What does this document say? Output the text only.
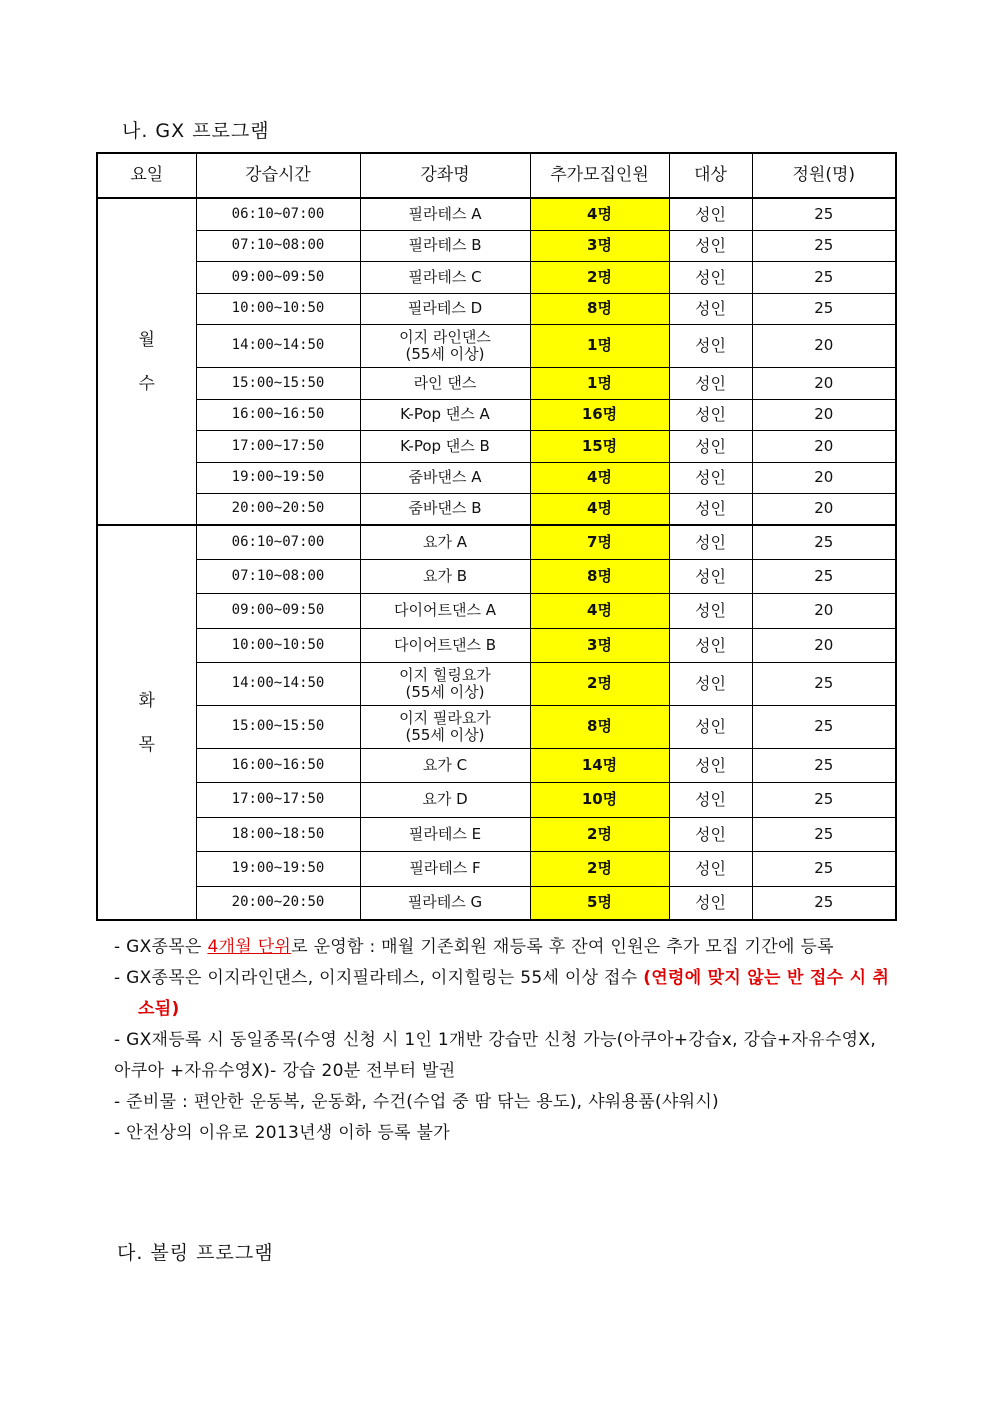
나. GX 프로그램
요일	강습시간	강좌명	추가모집인원	대상	정원(명)

월
수	06:10~07:00	필라테스 A	4명	성인	25
	07:10~08:00	필라테스 B	3명	성인	25
	09:00~09:50	필라테스 C	2명	성인	25
	10:00~10:50	필라테스 D	8명	성인	25
	14:00~14:50	이지 라인댄스
(55세 이상)	1명	성인	20
	15:00~15:50	라인 댄스	1명	성인	20
	16:00~16:50	K-Pop 댄스 A	16명	성인	20
	17:00~17:50	K-Pop 댄스 B	15명	성인	20
	19:00~19:50	줌바댄스 A	4명	성인	20
	20:00~20:50	줌바댄스 B	4명	성인	20

화
목	06:10~07:00	요가 A	7명	성인	25
	07:10~08:00	요가 B	8명	성인	25
	09:00~09:50	다이어트댄스 A	4명	성인	20
	10:00~10:50	다이어트댄스 B	3명	성인	20
	14:00~14:50	이지 힐링요가
(55세 이상)	2명	성인	25
	15:00~15:50	이지 필라요가
(55세 이상)	8명	성인	25
	16:00~16:50	요가 C	14명	성인	25
	17:00~17:50	요가 D	10명	성인	25
	18:00~18:50	필라테스 E	2명	성인	25
	19:00~19:50	필라테스 F	2명	성인	25
	20:00~20:50	필라테스 G	5명	성인	25
- GX종목은 4개월 단위로 운영함 : 매월 기존회원 재등록 후 잔여 인원은 추가 모집 기간에 등록
- GX종목은 이지라인댄스, 이지필라테스, 이지힐링는 55세 이상 접수 (연령에 맞지 않는 반 접수 시 취소됨)
- GX재등록 시 동일종목(수영 신청 시 1인 1개반 강습만 신청 가능(아쿠아+강습x, 강습+자유수영X, 아쿠아 +자유수영X)- 강습 20분 전부터 발권
- 준비물 : 편안한 운동복, 운동화, 수건(수업 중 땀 닦는 용도), 샤워용품(샤워시)
- 안전상의 이유로 2013년생 이하 등록 불가
다. 볼링 프로그램
